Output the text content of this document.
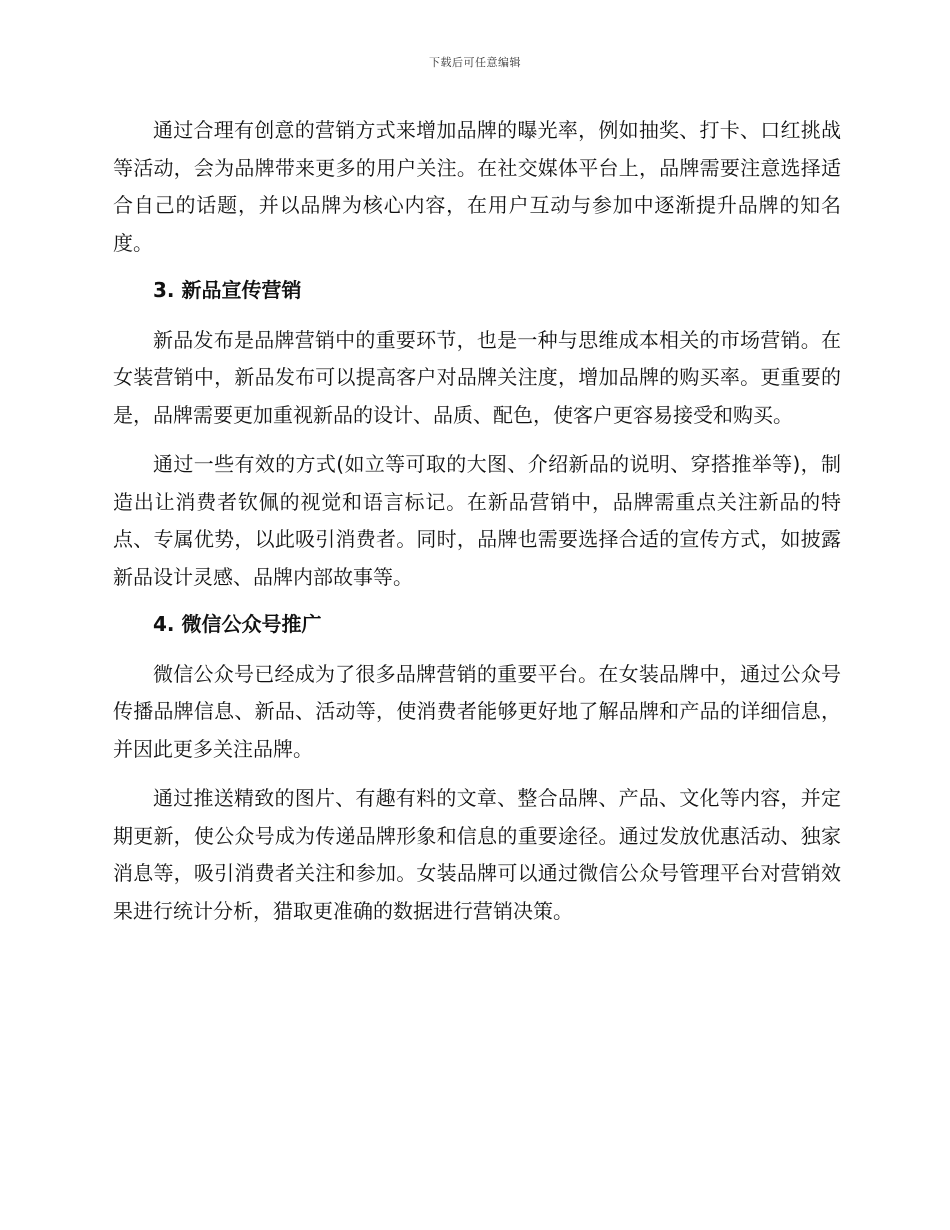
下载后可任意编辑

通过合理有创意的营销方式来增加品牌的曝光率，例如抽奖、打卡、口红挑战等活动，会为品牌带来更多的用户关注。在社交媒体平台上，品牌需要注意选择适合自己的话题，并以品牌为核心内容，在用户互动与参加中逐渐提升品牌的知名度。

3. 新品宣传营销

新品发布是品牌营销中的重要环节，也是一种与思维成本相关的市场营销。在女装营销中，新品发布可以提高客户对品牌关注度，增加品牌的购买率。更重要的是，品牌需要更加重视新品的设计、品质、配色，使客户更容易接受和购买。

通过一些有效的方式(如立等可取的大图、介绍新品的说明、穿搭推举等)，制造出让消费者钦佩的视觉和语言标记。在新品营销中，品牌需重点关注新品的特点、专属优势，以此吸引消费者。同时，品牌也需要选择合适的宣传方式，如披露新品设计灵感、品牌内部故事等。

4. 微信公众号推广

微信公众号已经成为了很多品牌营销的重要平台。在女装品牌中，通过公众号传播品牌信息、新品、活动等，使消费者能够更好地了解品牌和产品的详细信息，并因此更多关注品牌。

通过推送精致的图片、有趣有料的文章、整合品牌、产品、文化等内容，并定期更新，使公众号成为传递品牌形象和信息的重要途径。通过发放优惠活动、独家消息等，吸引消费者关注和参加。女装品牌可以通过微信公众号管理平台对营销效果进行统计分析，猎取更准确的数据进行营销决策。
